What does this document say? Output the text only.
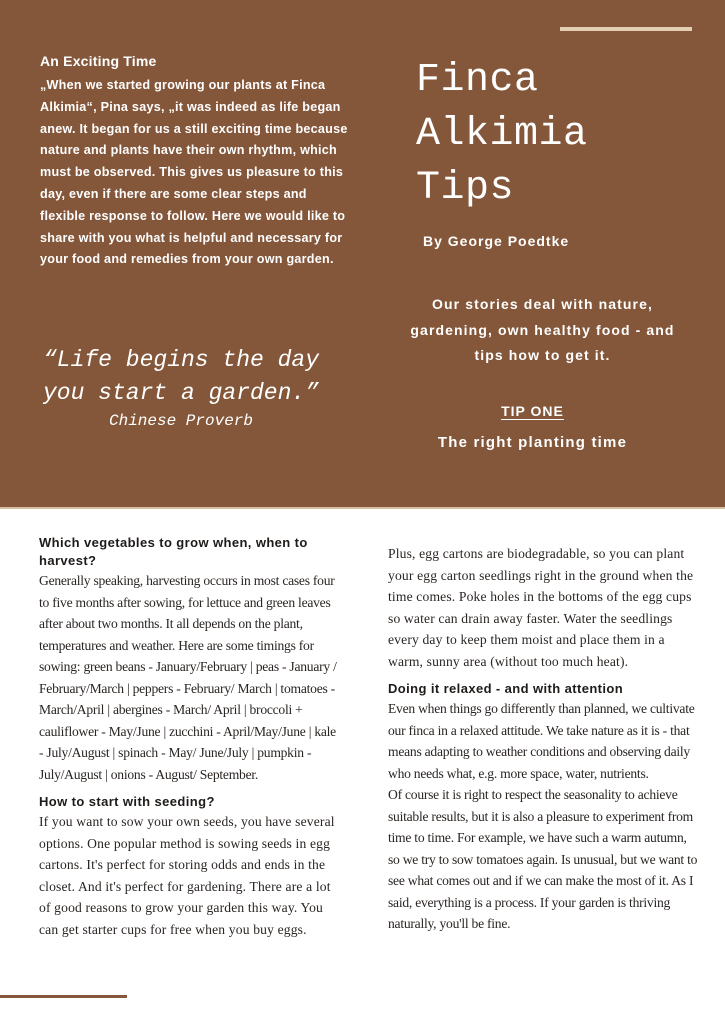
An Exciting Time
„When we started growing our plants at Finca Alkimia“, Pina says, „it was indeed as life began anew. It began for us a still exciting time because nature and plants have their own rhythm, which must be observed. This gives us pleasure to this day, even if there are some clear steps and flexible response to follow. Here we would like to share with you what is helpful and necessary for your food and remedies from your own garden.
“Life begins the day you start a garden.”
Chinese Proverb
Finca
Alkimia
Tips
By George Poedtke
Our stories deal with nature, gardening, own healthy food - and tips how to get it.
TIP ONE
The right planting time
Which vegetables to grow when, when to harvest?
Generally speaking, harvesting occurs in most cases four to five months after sowing, for lettuce and green leaves after about two months. It all depends on the plant, temperatures and weather. Here are some timings for sowing: green beans - January/February | peas - January / February/March | peppers - February/ March | tomatoes - March/April | abergines - March/ April | broccoli + cauliflower - May/June | zucchini - April/May/June | kale - July/August | spinach - May/ June/July | pumpkin - July/August | onions - August/ September.
How to start with seeding?
If you want to sow your own seeds, you have several options. One popular method is sowing seeds in egg cartons. It's perfect for storing odds and ends in the closet. And it's perfect for gardening. There are a lot of good reasons to grow your garden this way. You can get starter cups for free when you buy eggs.
Plus, egg cartons are biodegradable, so you can plant your egg carton seedlings right in the ground when the time comes. Poke holes in the bottoms of the egg cups so water can drain away faster. Water the seedlings every day to keep them moist and place them in a warm, sunny area (without too much heat).
Doing it relaxed - and with attention
Even when things go differently than planned, we cultivate our finca in a relaxed attitude. We take nature as it is - that means adapting to weather conditions and observing daily who needs what, e.g. more space, water, nutrients.
Of course it is right to respect the seasonality to achieve suitable results, but it is also a pleasure to experiment from time to time. For example, we have such a warm autumn, so we try to sow tomatoes again. Is unusual, but we want to see what comes out and if we can make the most of it. As I said, everything is a process. If your garden is thriving naturally, you'll be fine.
